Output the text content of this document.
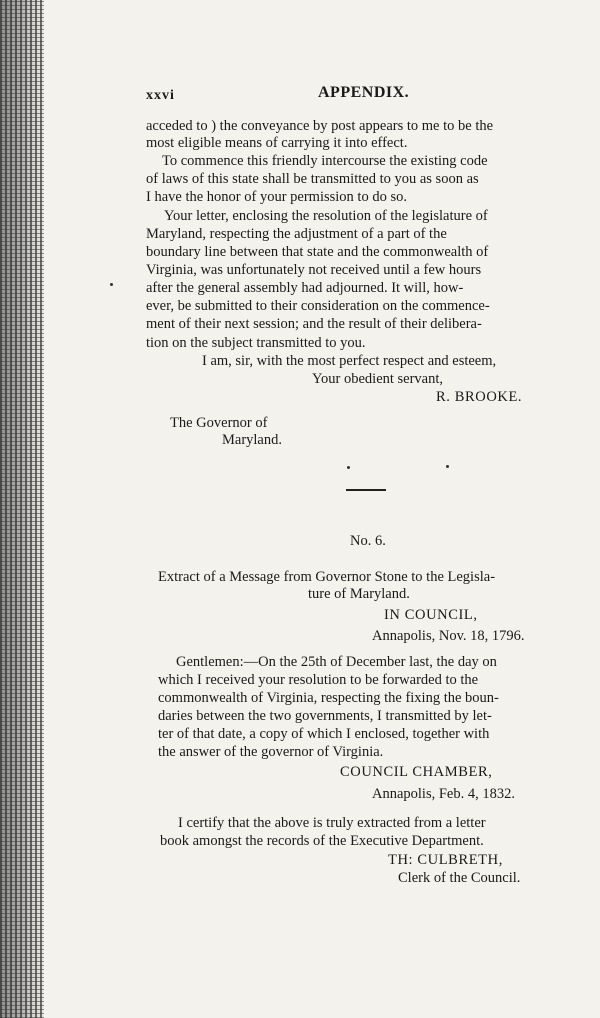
xxvi	APPENDIX.
acceded to ) the conveyance by post appears to me to be the
most eligible means of carrying it into effect.
To commence this friendly intercourse the existing code
of laws of this state shall be transmitted to you as soon as
I have the honor of your permission to do so.
Your letter, enclosing the resolution of the legislature of
Maryland, respecting the adjustment of a part of the
boundary line between that state and the commonwealth of
Virginia, was unfortunately not received until a few hours
after the general assembly had adjourned. It will, how-
ever, be submitted to their consideration on the commence-
ment of their next session; and the result of their delibera-
tion on the subject transmitted to you.
I am, sir, with the most perfect respect and esteem,
Your obedient servant,
R. BROOKE.
The Governor of
Maryland.
No. 6.
Extract of a Message from Governor Stone to the Legisla-
ture of Maryland.
IN COUNCIL,
Annapolis, Nov. 18, 1796.
Gentlemen:—On the 25th of December last, the day on
which I received your resolution to be forwarded to the
commonwealth of Virginia, respecting the fixing the boun-
daries between the two governments, I transmitted by let-
ter of that date, a copy of which I enclosed, together with
the answer of the governor of Virginia.
COUNCIL CHAMBER,
Annapolis, Feb. 4, 1832.
I certify that the above is truly extracted from a letter
book amongst the records of the Executive Department.
TH: CULBRETH,
Clerk of the Council.
